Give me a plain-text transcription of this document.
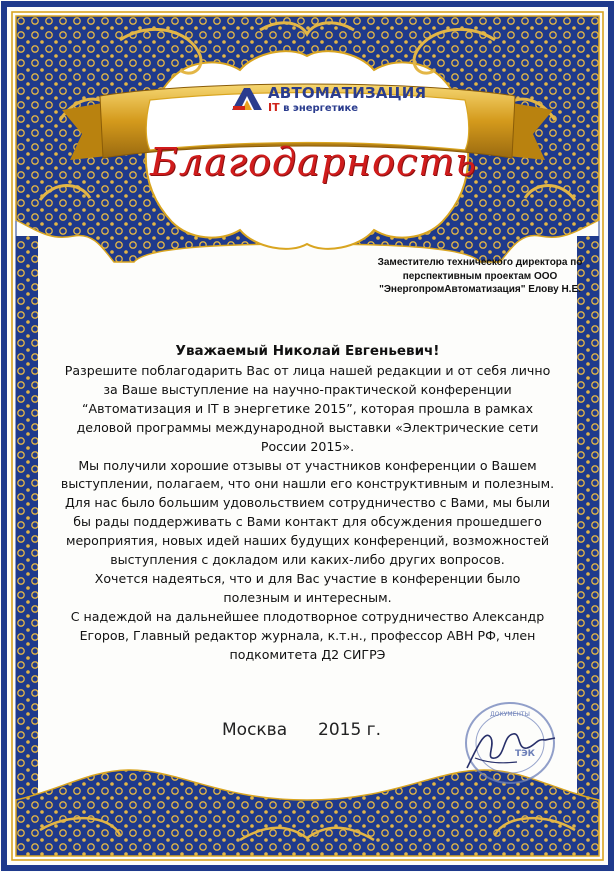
АВТОМАТИЗАЦИЯ
IT в энергетике
Благодарность
Заместителю технического директора по перспективным проектам ООО "ЭнергопромАвтоматизация" Елову Н.Е.
Уважаемый Николай Евгеньевич!

Разрешите поблагодарить Вас от лица нашей редакции и от себя лично за Ваше выступление на научно-практической конференции “Автоматизация и IT в энергетике 2015”, которая прошла в рамках деловой программы международной выставки «Электрические сети России 2015».

Мы получили хорошие отзывы от участников конференции о Вашем выступлении, полагаем, что они нашли его конструктивным и полезным. Для нас было большим удовольствием сотрудничество с Вами, мы были бы рады поддерживать с Вами контакт для обсуждения прошедшего мероприятия, новых идей наших будущих конференций, возможностей выступления с докладом или каких-либо других вопросов.

Хочется надеяться, что и для Вас участие в конференции было полезным и интересным.

С надеждой на дальнейшее плодотворное сотрудничество Александр Егоров, Главный редактор журнала, к.т.н., профессор АВН РФ, член подкомитета Д2 СИГРЭ

Москва 2015 г.
ДОКУМЕНТЫ
ТЭК
